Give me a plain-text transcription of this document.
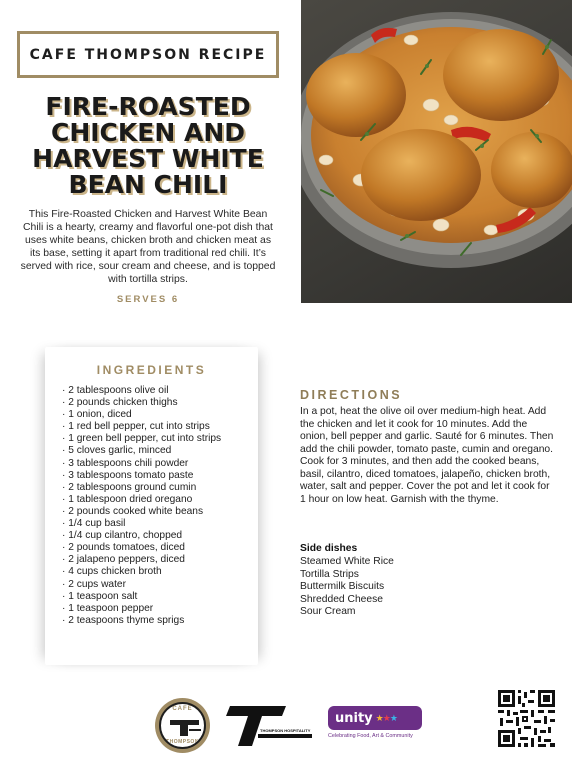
CAFE THOMPSON RECIPE
FIRE-ROASTED CHICKEN AND HARVEST WHITE BEAN CHILI

This Fire-Roasted Chicken and Harvest White Bean Chili is a hearty, creamy and flavorful one-pot dish that uses white beans, chicken broth and chicken meat as its base, setting it apart from traditional red chili. It’s served with rice, sour cream and cheese, and is topped with tortilla strips.

SERVES 6
INGREDIENTS
· 2 tablespoons olive oil
· 2 pounds chicken thighs
· 1 onion, diced
· 1 red bell pepper, cut into strips
· 1 green bell pepper, cut into strips
· 5 cloves garlic, minced
· 3 tablespoons chili powder
· 3 tablespoons tomato paste
· 2 tablespoons ground cumin
· 1 tablespoon dried oregano
· 2 pounds cooked white beans
· 1/4 cup basil
· 1/4 cup cilantro, chopped
· 2 pounds tomatoes, diced
· 2 jalapeno peppers, diced
· 4 cups chicken broth
· 2 cups water
· 1 teaspoon salt
· 1 teaspoon pepper
· 2 teaspoons thyme sprigs
DIRECTIONS

In a pot, heat the olive oil over medium-high heat. Add the chicken and let it cook for 10 minutes. Add the onion, bell pepper and garlic. Sauté for 6 minutes. Then add the chili powder, tomato paste, cumin and oregano. Cook for 3 minutes, and then add the cooked beans, basil, cilantro, diced tomatoes, jalapeño, chicken broth, water, salt and pepper. Cover the pot and let it cook for 1 hour on low heat. Garnish with the thyme.

Side dishes
Steamed White Rice
Tortilla Strips
Buttermilk Biscuits
Shredded Cheese
Sour Cream
CAFE
THOMPSON
THOMPSON HOSPITALITY
unity ★★★
Celebrating Food, Art & Community
